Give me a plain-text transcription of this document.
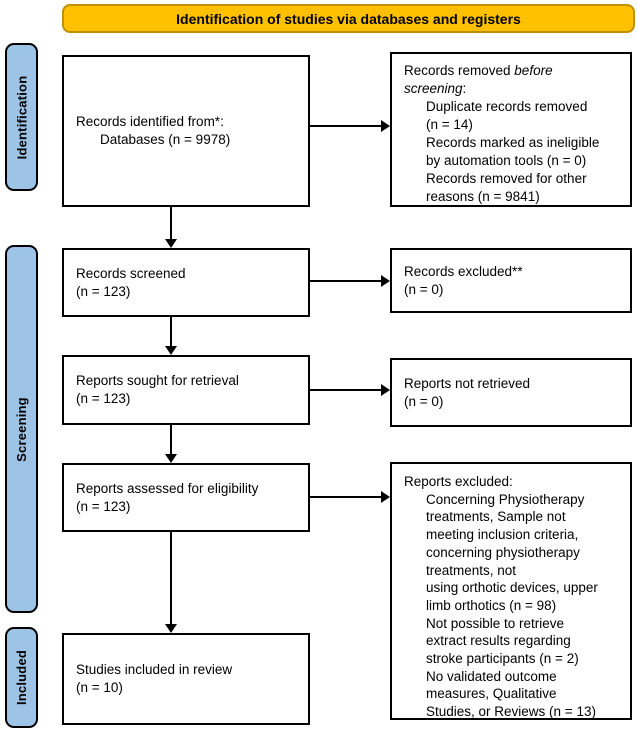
Identification of studies via databases and registers
Identification
Screening
Included
Records identified from*:
Databases (n = 9978)
Records removed before screening:
Duplicate records removed
(n = 14)
Records marked as ineligible
by automation tools (n = 0)
Records removed for other
reasons (n = 9841)
Records screened
(n = 123)
Records excluded**
(n = 0)
Reports sought for retrieval
(n = 123)
Reports not retrieved
(n = 0)
Reports assessed for eligibility
(n = 123)
Reports excluded:
Concerning Physiotherapy
treatments, Sample not
meeting inclusion criteria,
concerning physiotherapy
treatments, not
using orthotic devices, upper
limb orthotics (n = 98)
Not possible to retrieve
extract results regarding
stroke participants (n = 2)
No validated outcome
measures, Qualitative
Studies, or Reviews (n = 13)
Studies included in review
(n = 10)
